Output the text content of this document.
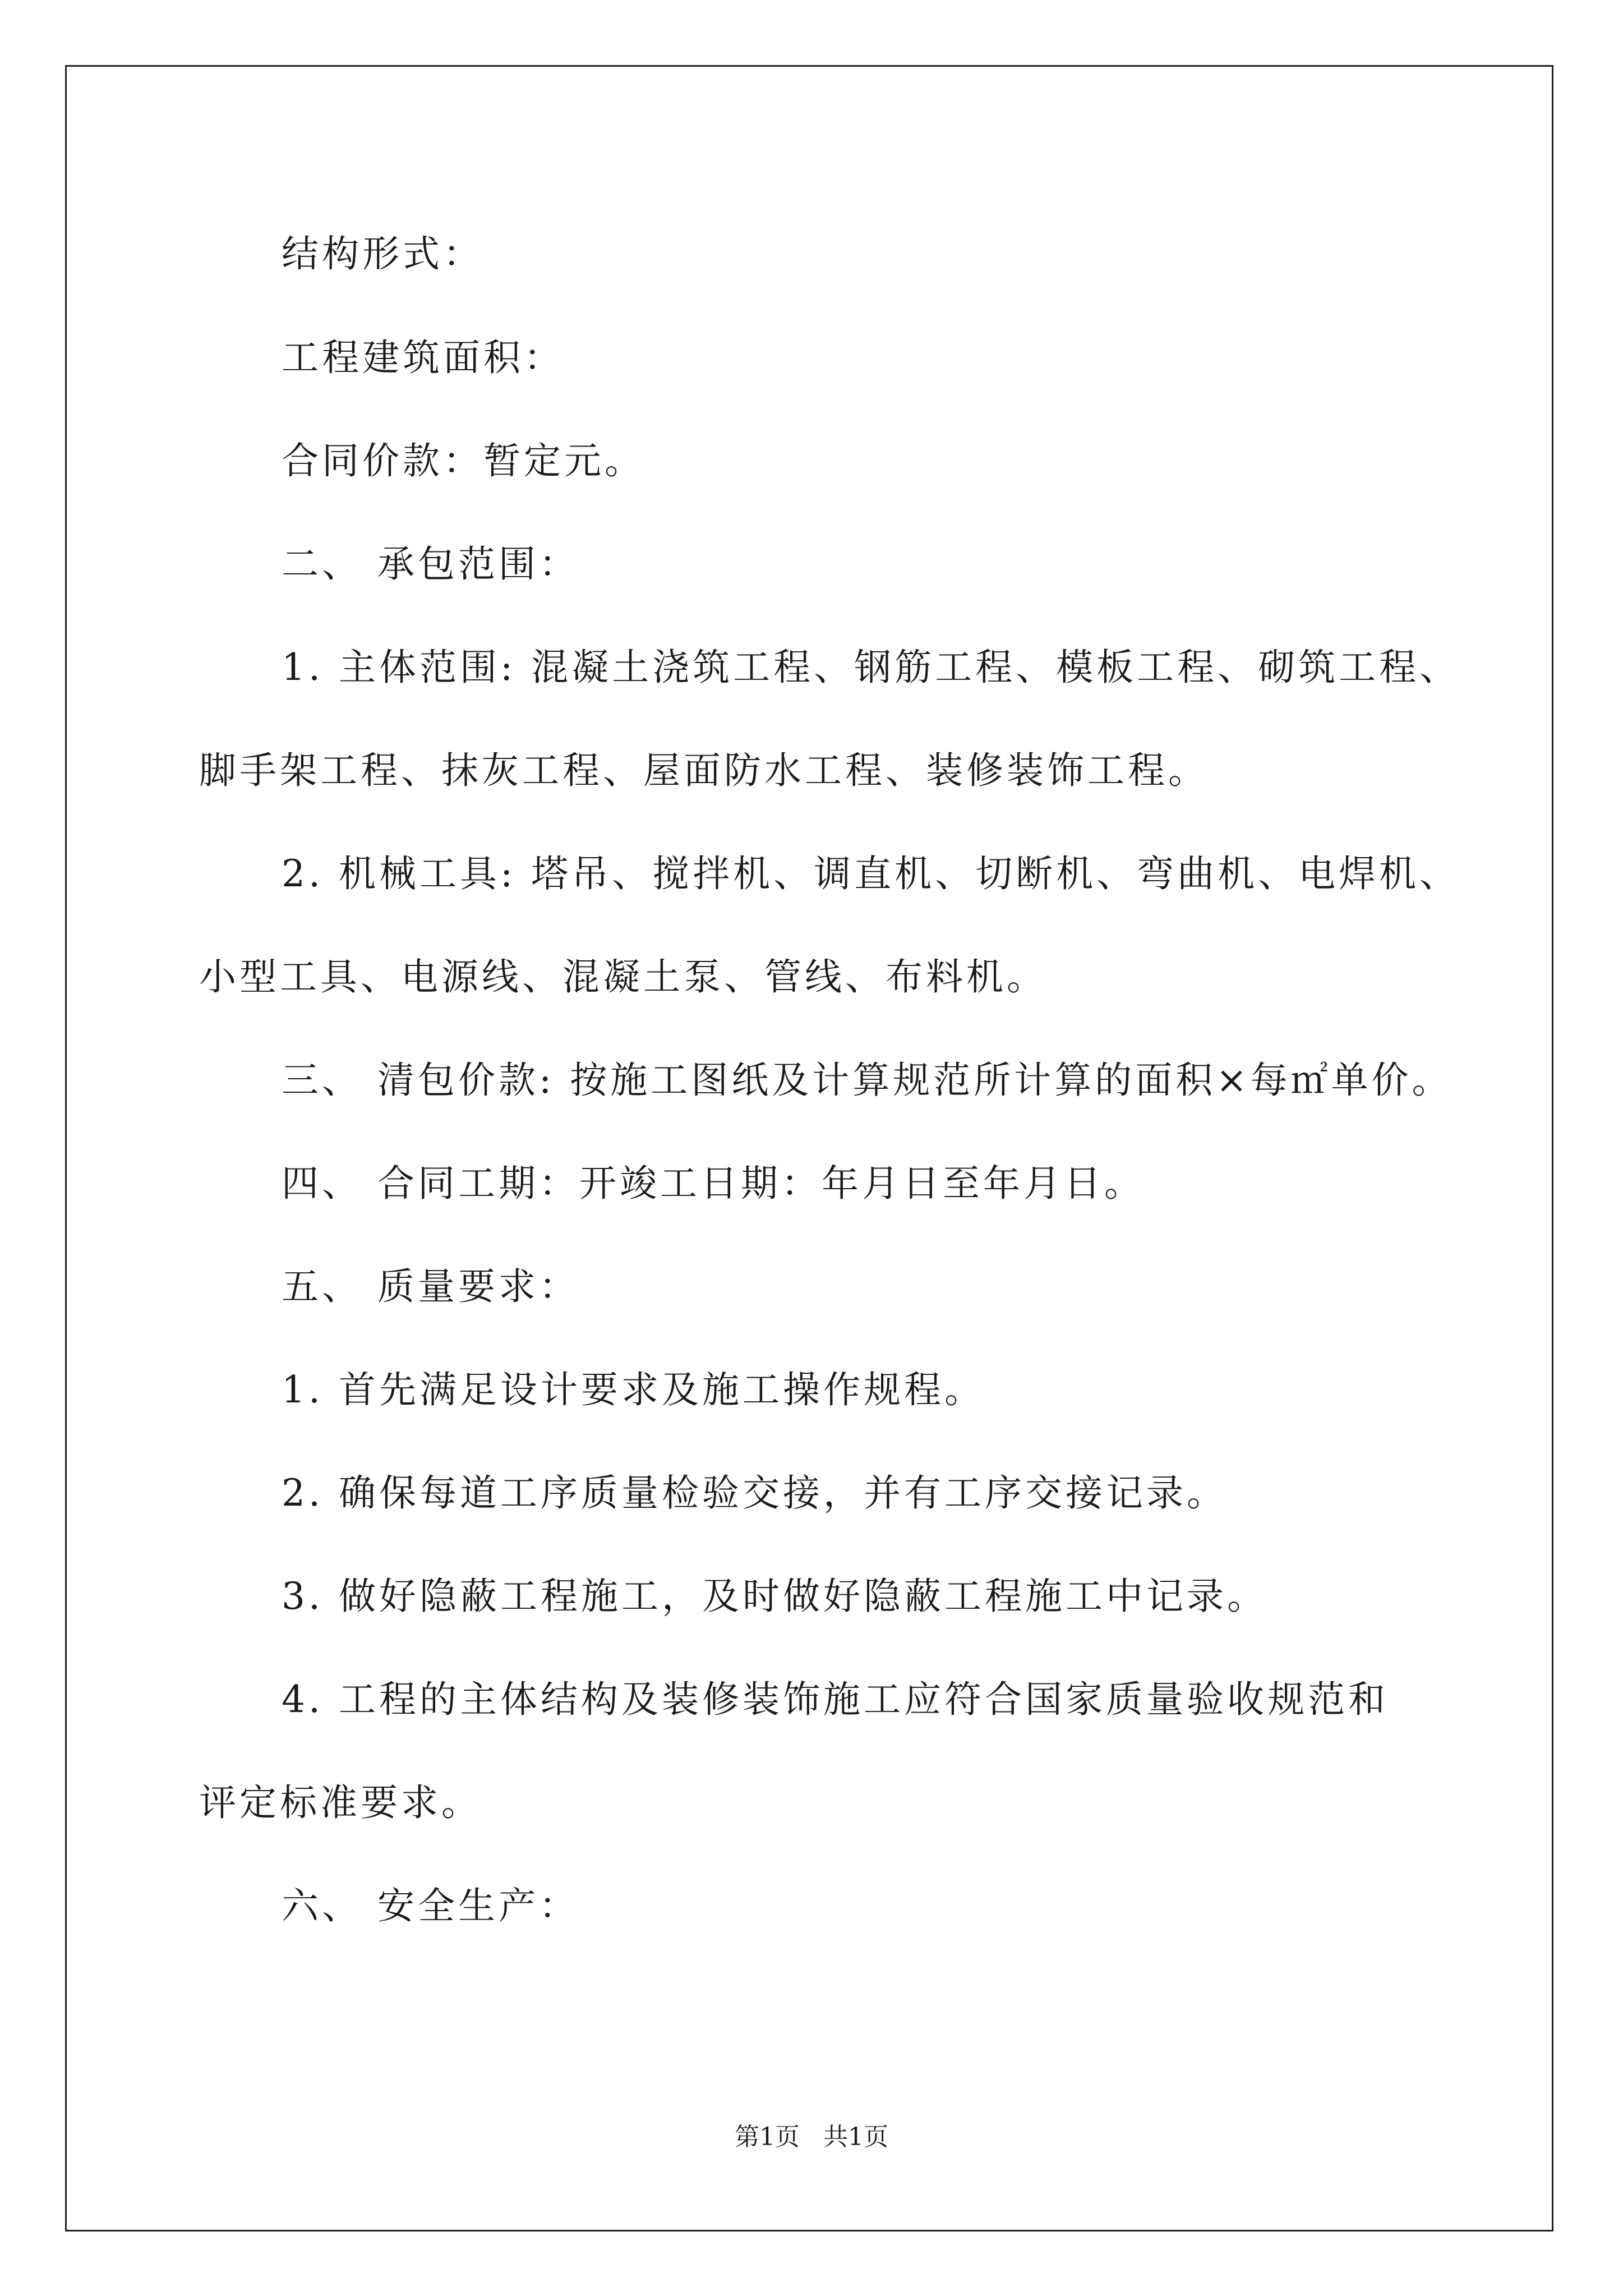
结构形式：
工程建筑面积：
合同价款：暂定元。
二、 承包范围：
1. 主体范围: 混凝土浇筑工程、钢筋工程、模板工程、砌筑工程、
脚手架工程、抹灰工程、屋面防水工程、装修装饰工程。
2. 机械工具: 塔吊、搅拌机、调直机、切断机、弯曲机、电焊机、
小型工具、电源线、混凝土泵、管线、布料机。
三、 清包价款: 按施工图纸及计算规范所计算的面积×每㎡单价。
四、 合同工期：开竣工日期：年月日至年月日。
五、 质量要求：
1. 首先满足设计要求及施工操作规程。
2. 确保每道工序质量检验交接，并有工序交接记录。
3. 做好隐蔽工程施工，及时做好隐蔽工程施工中记录。
4. 工程的主体结构及装修装饰施工应符合国家质量验收规范和
评定标准要求。
六、 安全生产：
第1页   共1页
